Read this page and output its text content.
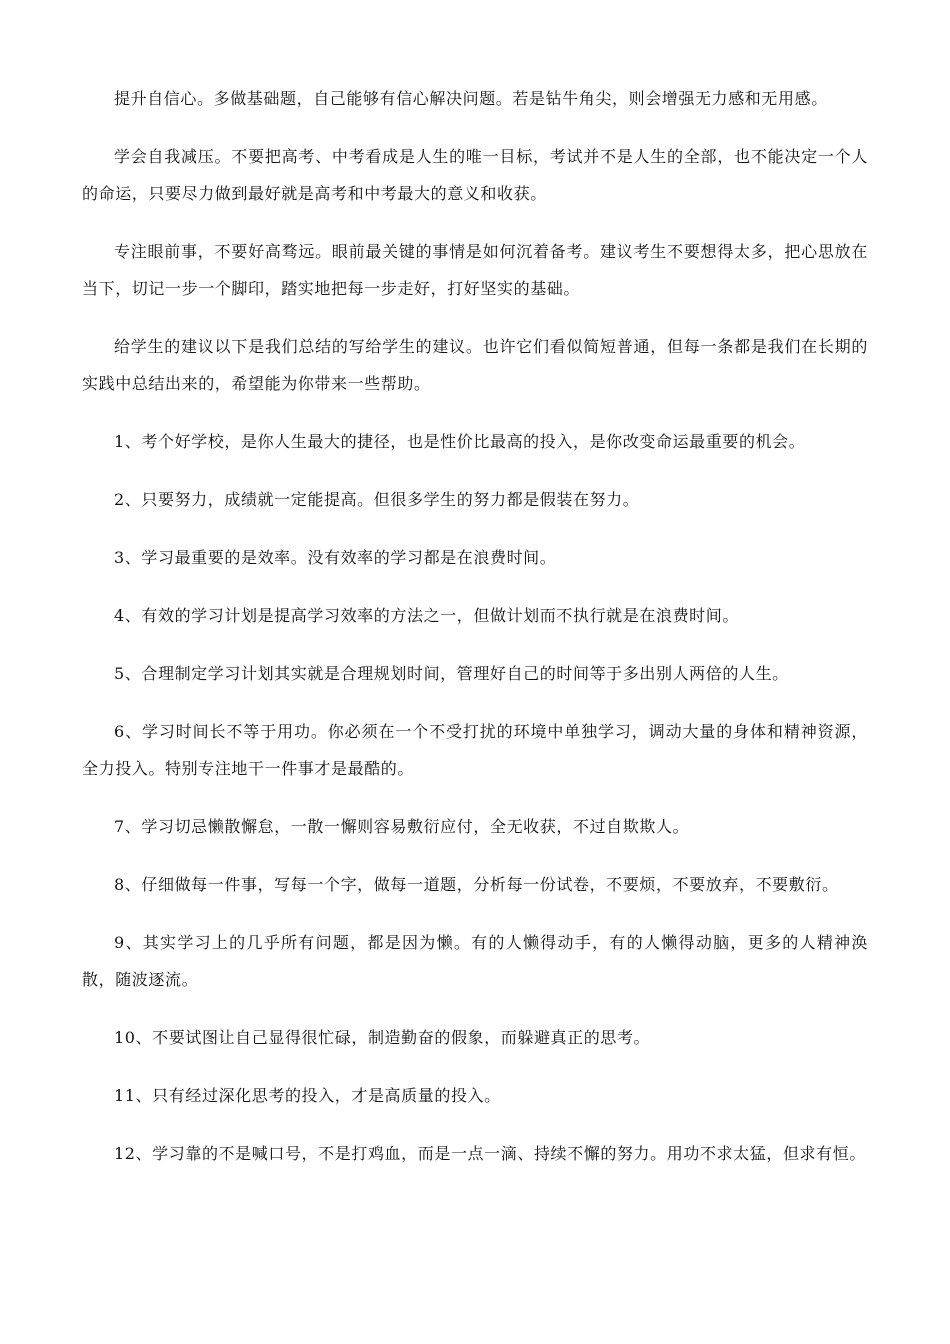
提升自信心。多做基础题，自己能够有信心解决问题。若是钻牛角尖，则会增强无力感和无用感。

学会自我减压。不要把高考、中考看成是人生的唯一目标，考试并不是人生的全部，也不能决定一个人的命运，只要尽力做到最好就是高考和中考最大的意义和收获。

专注眼前事，不要好高骛远。眼前最关键的事情是如何沉着备考。建议考生不要想得太多，把心思放在当下，切记一步一个脚印，踏实地把每一步走好，打好坚实的基础。

给学生的建议以下是我们总结的写给学生的建议。也许它们看似简短普通，但每一条都是我们在长期的实践中总结出来的，希望能为你带来一些帮助。

1、考个好学校，是你人生最大的捷径，也是性价比最高的投入，是你改变命运最重要的机会。

2、只要努力，成绩就一定能提高。但很多学生的努力都是假装在努力。

3、学习最重要的是效率。没有效率的学习都是在浪费时间。

4、有效的学习计划是提高学习效率的方法之一，但做计划而不执行就是在浪费时间。

5、合理制定学习计划其实就是合理规划时间，管理好自己的时间等于多出别人两倍的人生。

6、学习时间长不等于用功。你必须在一个不受打扰的环境中单独学习，调动大量的身体和精神资源，全力投入。特别专注地干一件事才是最酷的。

7、学习切忌懒散懈怠，一散一懈则容易敷衍应付，全无收获，不过自欺欺人。

8、仔细做每一件事，写每一个字，做每一道题，分析每一份试卷，不要烦，不要放弃，不要敷衍。

9、其实学习上的几乎所有问题，都是因为懒。有的人懒得动手，有的人懒得动脑，更多的人精神涣散，随波逐流。

10、不要试图让自己显得很忙碌，制造勤奋的假象，而躲避真正的思考。

11、只有经过深化思考的投入，才是高质量的投入。

12、学习靠的不是喊口号，不是打鸡血，而是一点一滴、持续不懈的努力。用功不求太猛，但求有恒。
